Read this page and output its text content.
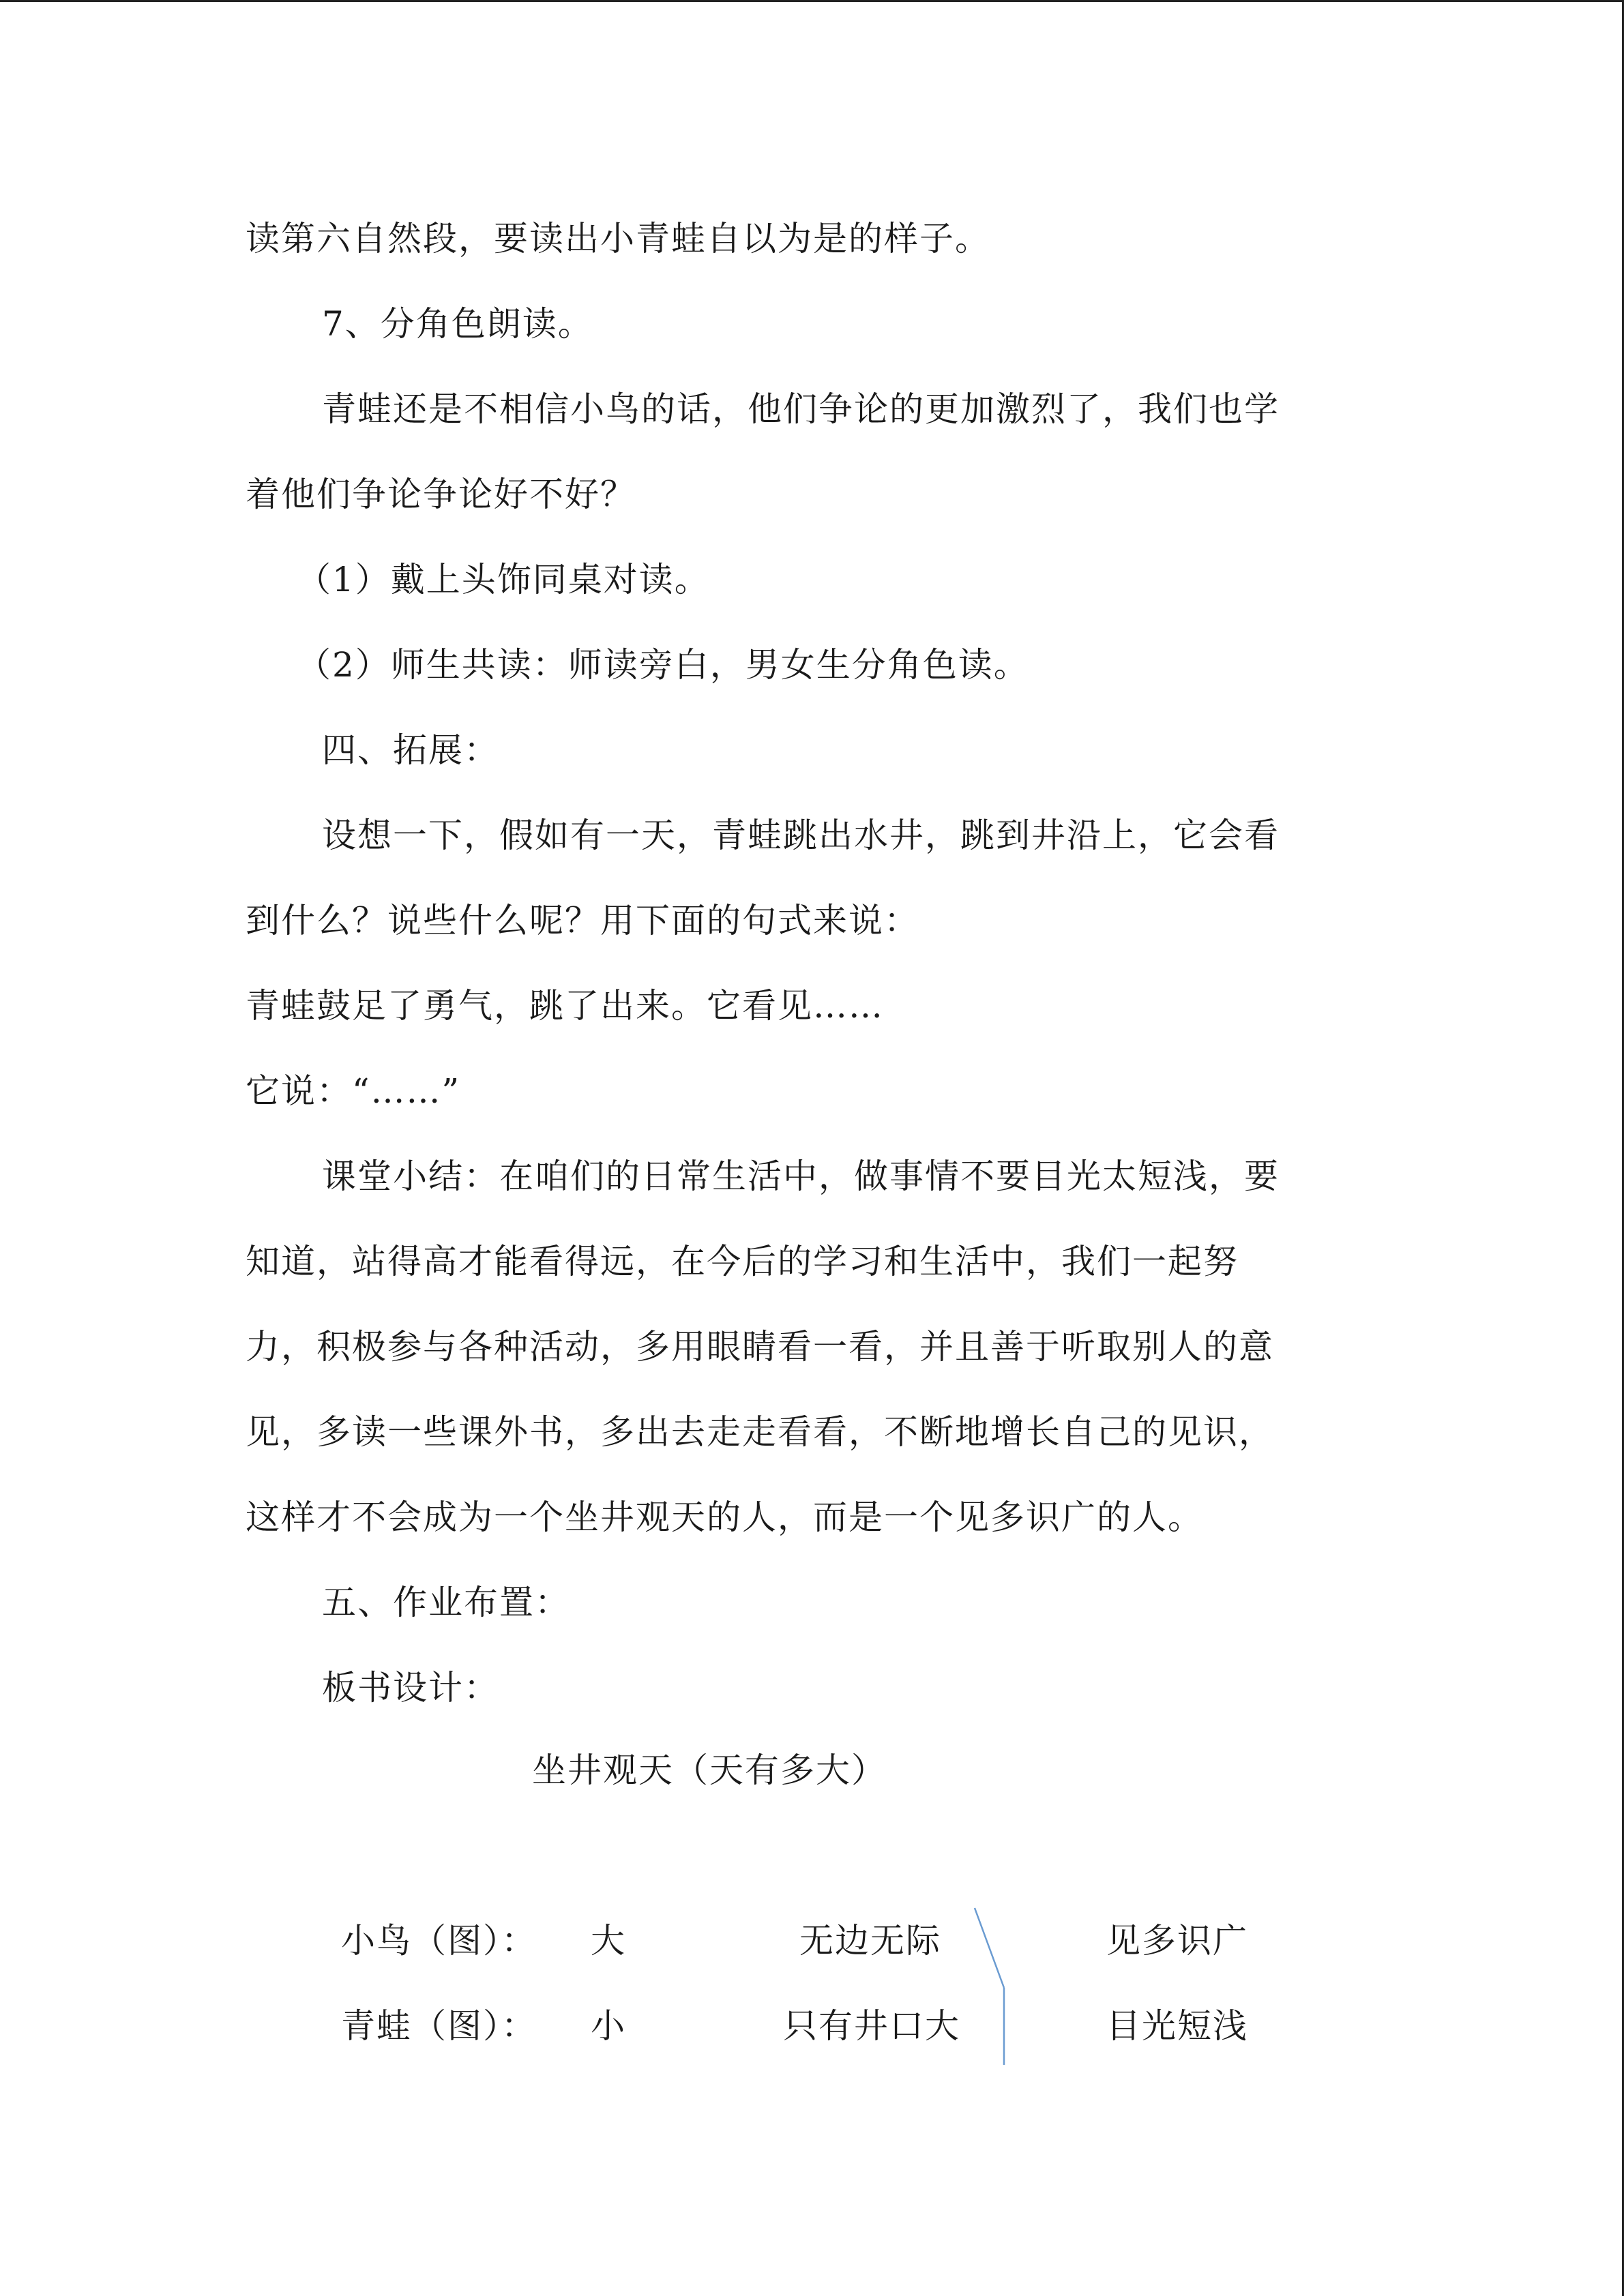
读第六自然段，要读出小青蛙自以为是的样子。
7、分角色朗读。
青蛙还是不相信小鸟的话，他们争论的更加激烈了，我们也学
着他们争论争论好不好？
（1）戴上头饰同桌对读。
（2）师生共读：师读旁白，男女生分角色读。
四、拓展：
设想一下，假如有一天，青蛙跳出水井，跳到井沿上，它会看
到什么？说些什么呢？用下面的句式来说：
青蛙鼓足了勇气，跳了出来。它看见……
它说：“……”
课堂小结：在咱们的日常生活中，做事情不要目光太短浅，要
知道，站得高才能看得远，在今后的学习和生活中，我们一起努
力，积极参与各种活动，多用眼睛看一看，并且善于听取别人的意
见，多读一些课外书，多出去走走看看，不断地增长自己的见识，
这样才不会成为一个坐井观天的人，而是一个见多识广的人。
五、作业布置：
板书设计：
坐井观天（天有多大）
小鸟（图）： 大	无边无际	见多识广
青蛙（图）： 小	只有井口大	目光短浅
